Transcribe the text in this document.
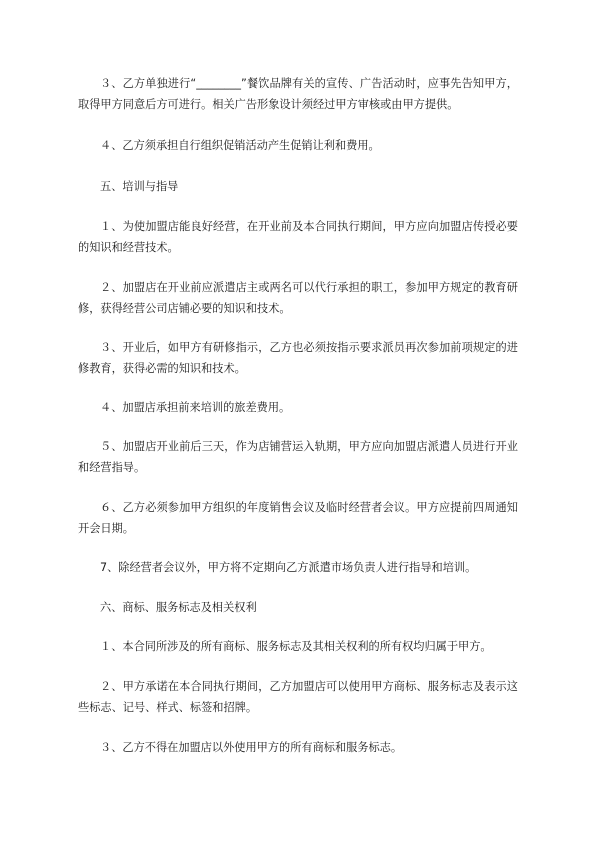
３、乙方单独进行“________”餐饮品牌有关的宣传、广告活动时，应事先告知甲方，取得甲方同意后方可进行。相关广告形象设计须经过甲方审核或由甲方提供。

４、乙方须承担自行组织促销活动产生促销让利和费用。

五、培训与指导

１、为使加盟店能良好经营，在开业前及本合同执行期间，甲方应向加盟店传授必要的知识和经营技术。

２、加盟店在开业前应派遣店主或两名可以代行承担的职工，参加甲方规定的教育研修，获得经营公司店铺必要的知识和技术。

３、开业后，如甲方有研修指示，乙方也必须按指示要求派员再次参加前项规定的进修教育，获得必需的知识和技术。

４、加盟店承担前来培训的旅差费用。

５、加盟店开业前后三天，作为店铺营运入轨期，甲方应向加盟店派遣人员进行开业和经营指导。

６、乙方必须参加甲方组织的年度销售会议及临时经营者会议。甲方应提前四周通知开会日期。

7、除经营者会议外，甲方将不定期向乙方派遣市场负责人进行指导和培训。

六、商标、服务标志及相关权利

１、本合同所涉及的所有商标、服务标志及其相关权利的所有权均归属于甲方。

２、甲方承诺在本合同执行期间，乙方加盟店可以使用甲方商标、服务标志及表示这些标志、记号、样式、标签和招牌。

３、乙方不得在加盟店以外使用甲方的所有商标和服务标志。
